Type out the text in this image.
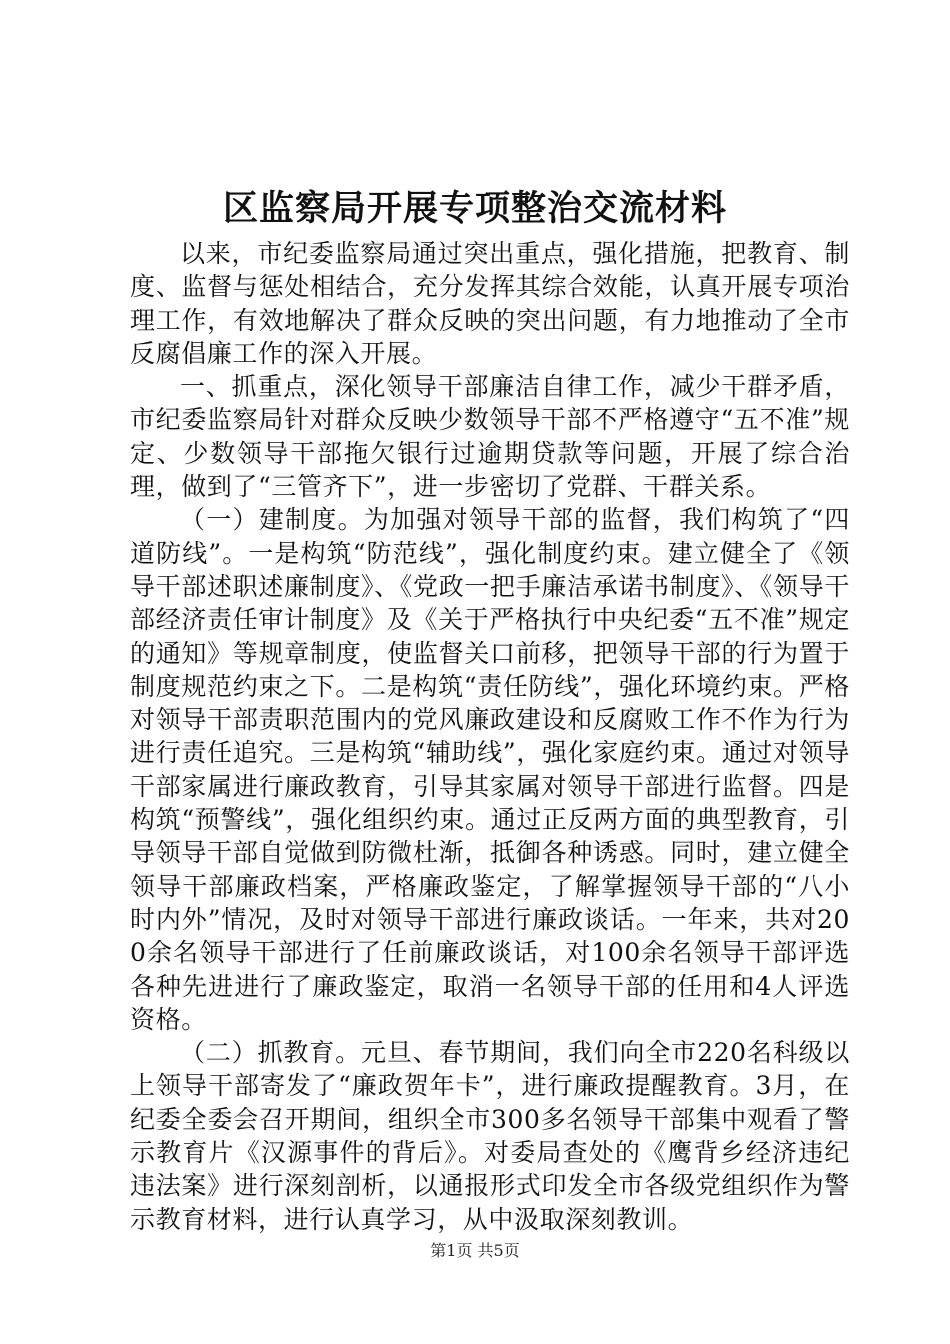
区监察局开展专项整治交流材料

以来，市纪委监察局通过突出重点，强化措施，把教育、制度、监督与惩处相结合，充分发挥其综合效能，认真开展专项治理工作，有效地解决了群众反映的突出问题，有力地推动了全市反腐倡廉工作的深入开展。

一、抓重点，深化领导干部廉洁自律工作，减少干群矛盾，市纪委监察局针对群众反映少数领导干部不严格遵守“五不准”规定、少数领导干部拖欠银行过逾期贷款等问题，开展了综合治理，做到了“三管齐下”，进一步密切了党群、干群关系。

（一）建制度。为加强对领导干部的监督，我们构筑了“四道防线”。一是构筑“防范线”，强化制度约束。建立健全了《领导干部述职述廉制度》、《党政一把手廉洁承诺书制度》、《领导干部经济责任审计制度》及《关于严格执行中央纪委“五不准”规定的通知》等规章制度，使监督关口前移，把领导干部的行为置于制度规范约束之下。二是构筑“责任防线”，强化环境约束。严格对领导干部责职范围内的党风廉政建设和反腐败工作不作为行为进行责任追究。三是构筑“辅助线”，强化家庭约束。通过对领导干部家属进行廉政教育，引导其家属对领导干部进行监督。四是构筑“预警线”，强化组织约束。通过正反两方面的典型教育，引导领导干部自觉做到防微杜渐，抵御各种诱惑。同时，建立健全领导干部廉政档案，严格廉政鉴定，了解掌握领导干部的“八小时内外”情况，及时对领导干部进行廉政谈话。一年来，共对200余名领导干部进行了任前廉政谈话，对100余名领导干部评选各种先进进行了廉政鉴定，取消一名领导干部的任用和4人评选资格。

（二）抓教育。元旦、春节期间，我们向全市220名科级以上领导干部寄发了“廉政贺年卡”，进行廉政提醒教育。3月，在纪委全委会召开期间，组织全市300多名领导干部集中观看了警示教育片《汉源事件的背后》。对委局查处的《鹰背乡经济违纪违法案》进行深刻剖析，以通报形式印发全市各级党组织作为警示教育材料，进行认真学习，从中汲取深刻教训。

第1页 共5页
